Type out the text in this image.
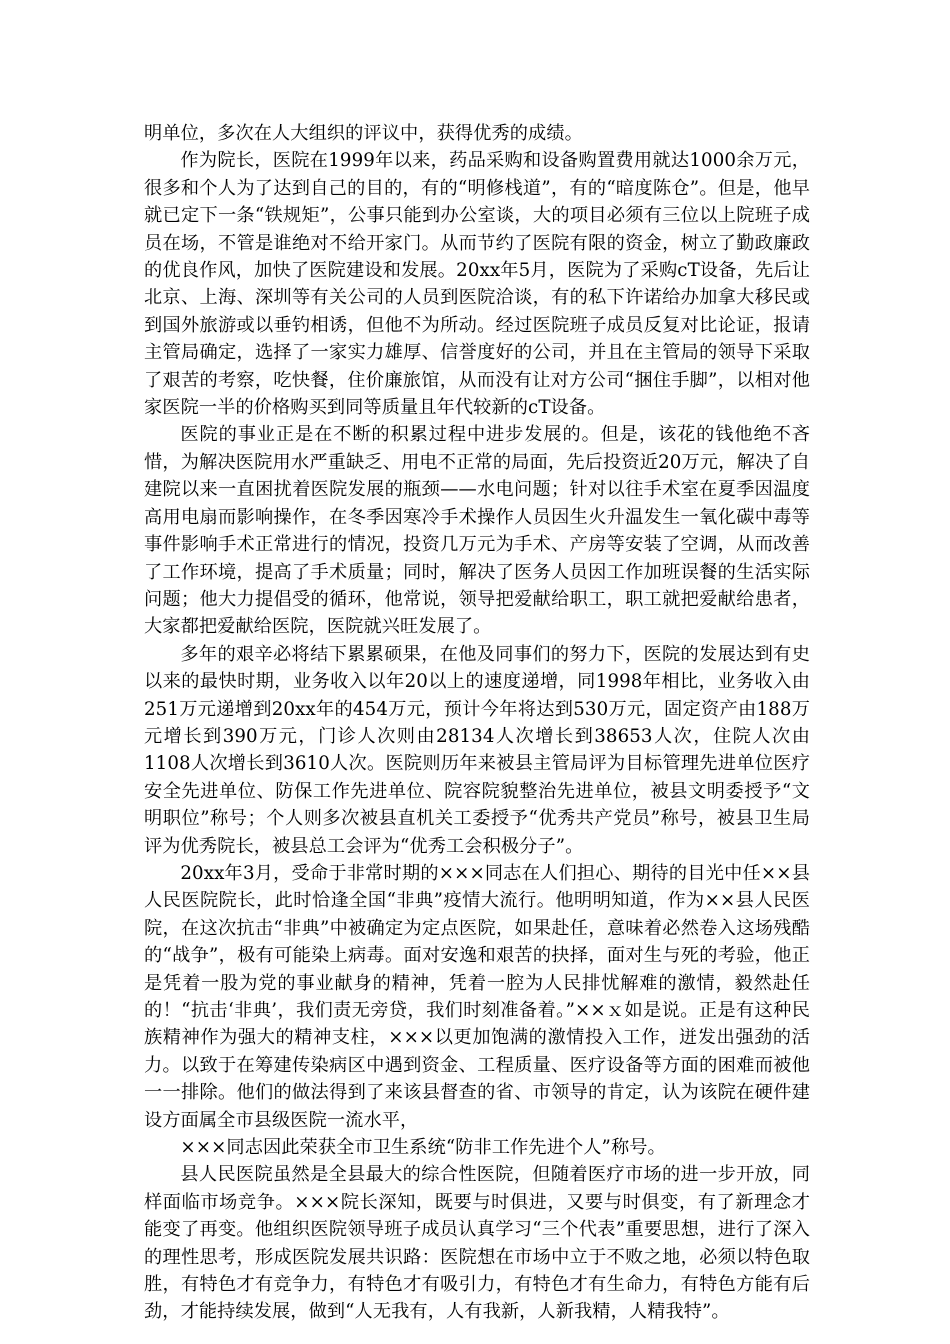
明单位，多次在人大组织的评议中，获得优秀的成绩。

作为院长，医院在1999年以来，药品采购和设备购置费用就达1000余万元，很多和个人为了达到自己的目的，有的“明修栈道”，有的“暗度陈仓”。但是，他早就已定下一条“铁规矩”，公事只能到办公室谈，大的项目必须有三位以上院班子成员在场，不管是谁绝对不给开家门。从而节约了医院有限的资金，树立了勤政廉政的优良作风，加快了医院建设和发展。20xx年5月，医院为了采购cT设备，先后让北京、上海、深圳等有关公司的人员到医院洽谈，有的私下许诺给办加拿大移民或到国外旅游或以垂钓相诱，但他不为所动。经过医院班子成员反复对比论证，报请主管局确定，选择了一家实力雄厚、信誉度好的公司，并且在主管局的领导下采取了艰苦的考察，吃快餐，住价廉旅馆，从而没有让对方公司“捆住手脚”，以相对他家医院一半的价格购买到同等质量且年代较新的cT设备。

医院的事业正是在不断的积累过程中进步发展的。但是，该花的钱他绝不吝惜，为解决医院用水严重缺乏、用电不正常的局面，先后投资近20万元，解决了自建院以来一直困扰着医院发展的瓶颈——水电问题；针对以往手术室在夏季因温度高用电扇而影响操作，在冬季因寒冷手术操作人员因生火升温发生一氧化碳中毒等事件影响手术正常进行的情况，投资几万元为手术、产房等安装了空调，从而改善了工作环境，提高了手术质量；同时，解决了医务人员因工作加班误餐的生活实际问题；他大力提倡受的循环，他常说，领导把爱献给职工，职工就把爱献给患者，大家都把爱献给医院，医院就兴旺发展了。

多年的艰辛必将结下累累硕果，在他及同事们的努力下，医院的发展达到有史以来的最快时期，业务收入以年20以上的速度递增，同1998年相比，业务收入由251万元递增到20xx年的454万元，预计今年将达到530万元，固定资产由188万元增长到390万元，门诊人次则由28134人次增长到38653人次，住院人次由1108人次增长到3610人次。医院则历年来被县主管局评为目标管理先进单位医疗安全先进单位、防保工作先进单位、院容院貌整治先进单位，被县文明委授予“文明职位”称号；个人则多次被县直机关工委授予“优秀共产党员”称号，被县卫生局评为优秀院长，被县总工会评为“优秀工会积极分子”。

20xx年3月，受命于非常时期的×××同志在人们担心、期待的目光中任××县人民医院院长，此时恰逢全国“非典”疫情大流行。他明明知道，作为××县人民医院，在这次抗击“非典”中被确定为定点医院，如果赴任，意味着必然卷入这场残酷的“战争”，极有可能染上病毒。面对安逸和艰苦的抉择，面对生与死的考验，他正是凭着一股为党的事业献身的精神，凭着一腔为人民排忧解难的激情，毅然赴任的！“抗击‘非典’，我们责无旁贷，我们时刻准备着。”××ｘ如是说。正是有这种民族精神作为强大的精神支柱，×××以更加饱满的激情投入工作，迸发出强劲的活力。以致于在筹建传染病区中遇到资金、工程质量、医疗设备等方面的困难而被他一一排除。他们的做法得到了来该县督查的省、市领导的肯定，认为该院在硬件建设方面属全市县级医院一流水平，

×××同志因此荣获全市卫生系统“防非工作先进个人”称号。

县人民医院虽然是全县最大的综合性医院，但随着医疗市场的进一步开放，同样面临市场竞争。×××院长深知，既要与时俱进，又要与时俱变，有了新理念才能变了再变。他组织医院领导班子成员认真学习“三个代表”重要思想，进行了深入的理性思考，形成医院发展共识路：医院想在市场中立于不败之地，必须以特色取胜，有特色才有竞争力，有特色才有吸引力，有特色才有生命力，有特色方能有后劲，才能持续发展，做到“人无我有，人有我新，人新我精，人精我特”。
